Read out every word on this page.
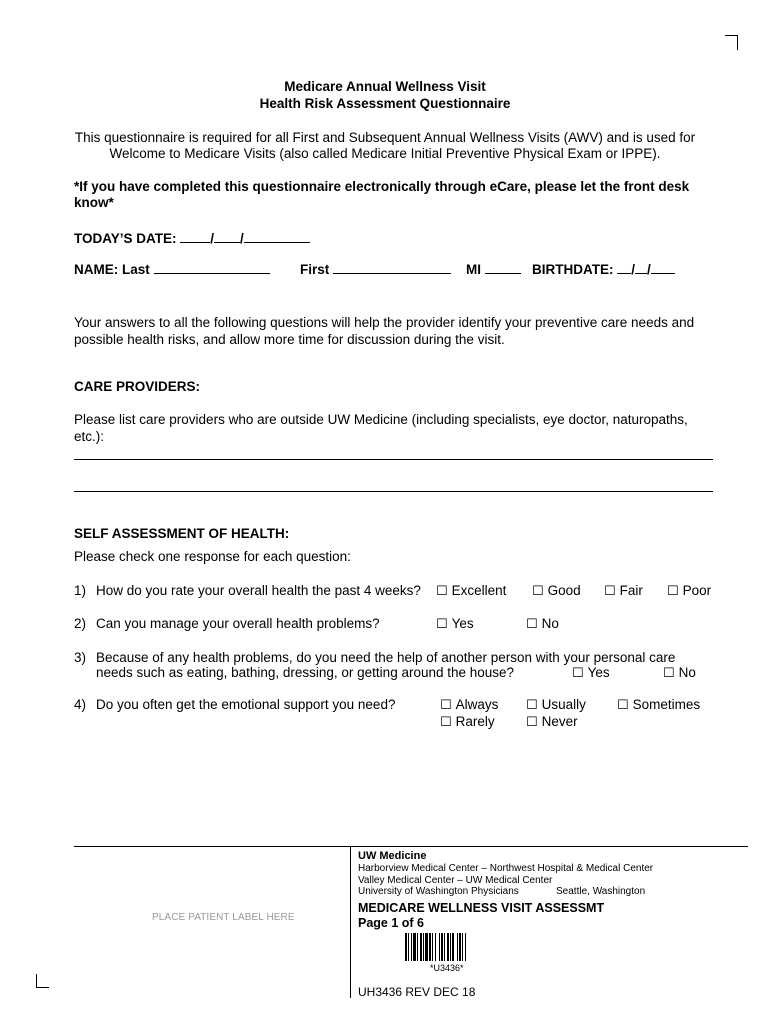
Medicare Annual Wellness Visit
Health Risk Assessment Questionnaire
This questionnaire is required for all First and Subsequent Annual Wellness Visits (AWV) and is used for
Welcome to Medicare Visits (also called Medicare Initial Preventive Physical Exam or IPPE).
*If you have completed this questionnaire electronically through eCare, please let the front desk
know*
TODAY’S DATE:	/ /
NAME: Last	First	MI	BIRTHDATE: / /
Your answers to all the following questions will help the provider identify your preventive care needs and
possible health risks, and allow more time for discussion during the visit.
CARE PROVIDERS:
Please list care providers who are outside UW Medicine (including specialists, eye doctor, naturopaths,
etc.):
SELF ASSESSMENT OF HEALTH:
Please check one response for each question:
1) How do you rate your overall health the past 4 weeks? ☐ Excellent ☐ Good ☐ Fair ☐ Poor
2) Can you manage your overall health problems?	☐ Yes	☐ No
3) Because of any health problems, do you need the help of another person with your personal care
needs such as eating, bathing, dressing, or getting around the house?	☐ Yes	☐ No
4) Do you often get the emotional support you need?	☐ Always ☐ Usually ☐ Sometimes
☐ Rarely ☐ Never
PLACE PATIENT LABEL HERE
UW Medicine
Harborview Medical Center – Northwest Hospital & Medical Center
Valley Medical Center – UW Medical Center
University of Washington Physicians	Seattle, Washington
MEDICARE WELLNESS VISIT ASSESSMT
Page 1 of 6
*U3436*
UH3436 REV DEC 18
